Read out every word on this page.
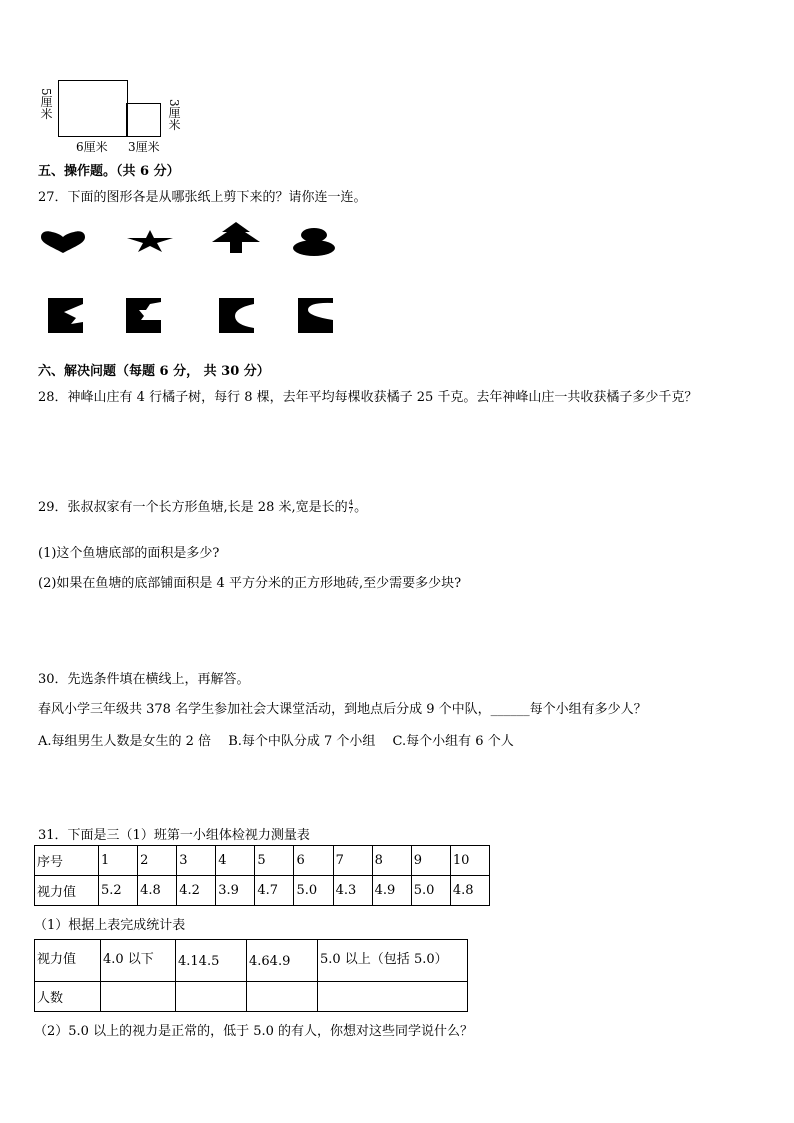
5厘米
6厘米 3厘米
3厘米
五、操作题。（共 6 分）
27．下面的图形各是从哪张纸上剪下来的？请你连一连。
六、解决问题（每题 6 分， 共 30 分）
28．神峰山庄有 4 行橘子树，每行 8 棵，去年平均每棵收获橘子 25 千克。去年神峰山庄一共收获橘子多少千克？
29．张叔叔家有一个长方形鱼塘,长是 28 米,宽是长的 $\frac{4}{7}$ 。
(1)这个鱼塘底部的面积是多少?
(2)如果在鱼塘的底部铺面积是 4 平方分米的正方形地砖,至少需要多少块?
30．先选条件填在横线上，再解答。
春风小学三年级共 378 名学生参加社会大课堂活动，到地点后分成 9 个中队，______每个小组有多少人？
A.每组男生人数是女生的 2 倍　 B.每个中队分成 7 个小组　 C.每个小组有 6 个人
31．下面是三（1）班第一小组体检视力测量表
序号	1	2	3	4	5	6	7	8	9	10
视力值	5.2	4.8	4.2	3.9	4.7	5.0	4.3	4.9	5.0	4.8
（1）根据上表完成统计表
视力值	4.0 以下	4.14.5	4.64.9	5.0 以上（包括 5.0）
人数				
（2）5.0 以上的视力是正常的，低于 5.0 的有人，你想对这些同学说什么？
